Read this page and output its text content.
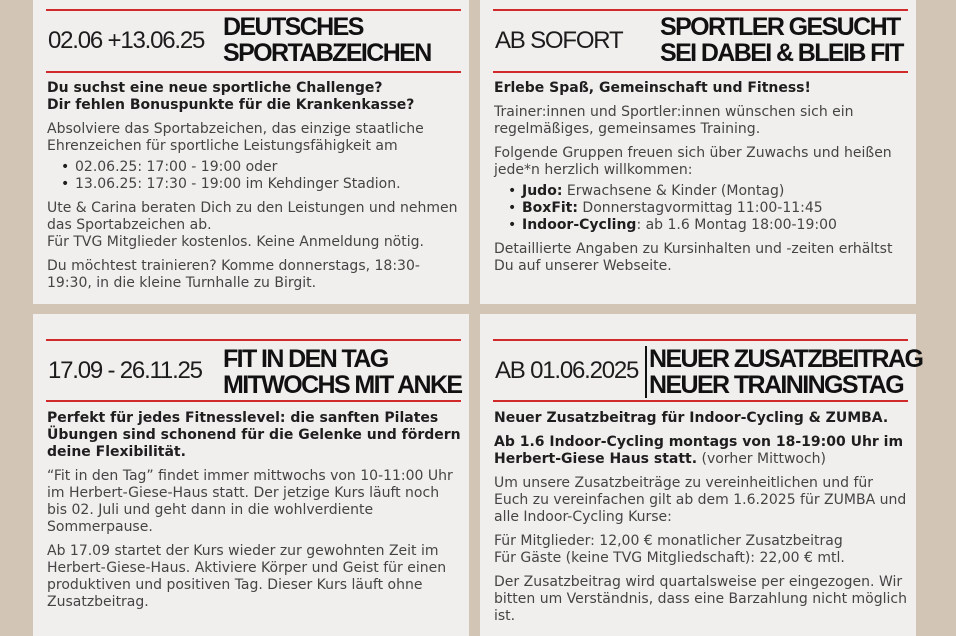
02.06 +13.06.25 DEUTSCHES
SPORTABZEICHEN

Du suchst eine neue sportliche Challenge?
Dir fehlen Bonuspunkte für die Krankenkasse?

Absolviere das Sportabzeichen, das einzige staatliche Ehrenzeichen für sportliche Leistungsfähigkeit am

• 02.06.25: 17:00 - 19:00 oder
• 13.06.25: 17:30 - 19:00 im Kehdinger Stadion.

Ute & Carina beraten Dich zu den Leistungen und nehmen das Sportabzeichen ab.
Für TVG Mitglieder kostenlos. Keine Anmeldung nötig.

Du möchtest trainieren? Komme donnerstags, 18:30-19:30, in die kleine Turnhalle zu Birgit.

AB SOFORT SPORTLER GESUCHT
SEI DABEI & BLEIB FIT

Erlebe Spaß, Gemeinschaft und Fitness!

Trainer:innen und Sportler:innen wünschen sich ein regelmäßiges, gemeinsames Training.

Folgende Gruppen freuen sich über Zuwachs und heißen jede*n herzlich willkommen:

• Judo: Erwachsene & Kinder (Montag)
• BoxFit: Donnerstagvormittag 11:00-11:45
• Indoor-Cycling: ab 1.6 Montag 18:00-19:00

Detaillierte Angaben zu Kursinhalten und -zeiten erhältst Du auf unserer Webseite.

17.09 - 26.11.25 FIT IN DEN TAG
MITWOCHS MIT ANKE

Perfekt für jedes Fitnesslevel: die sanften Pilates Übungen sind schonend für die Gelenke und fördern deine Flexibilität.

“Fit in den Tag” findet immer mittwochs von 10-11:00 Uhr im Herbert-Giese-Haus statt. Der jetzige Kurs läuft noch bis 02. Juli und geht dann in die wohlverdiente Sommerpause.

Ab 17.09 startet der Kurs wieder zur gewohnten Zeit im Herbert-Giese-Haus. Aktiviere Körper und Geist für einen produktiven und positiven Tag. Dieser Kurs läuft ohne Zusatzbeitrag.

AB 01.06.2025 NEUER ZUSATZBEITRAG
NEUER TRAININGSTAG

Neuer Zusatzbeitrag für Indoor-Cycling & ZUMBA.

Ab 1.6 Indoor-Cycling montags von 18-19:00 Uhr im Herbert-Giese Haus statt. (vorher Mittwoch)

Um unsere Zusatzbeiträge zu vereinheitlichen und für Euch zu vereinfachen gilt ab dem 1.6.2025 für ZUMBA und alle Indoor-Cycling Kurse:

Für Mitglieder: 12,00 € monatlicher Zusatzbeitrag
Für Gäste (keine TVG Mitgliedschaft): 22,00 € mtl.

Der Zusatzbeitrag wird quartalsweise per eingezogen. Wir bitten um Verständnis, dass eine Barzahlung nicht möglich ist.
